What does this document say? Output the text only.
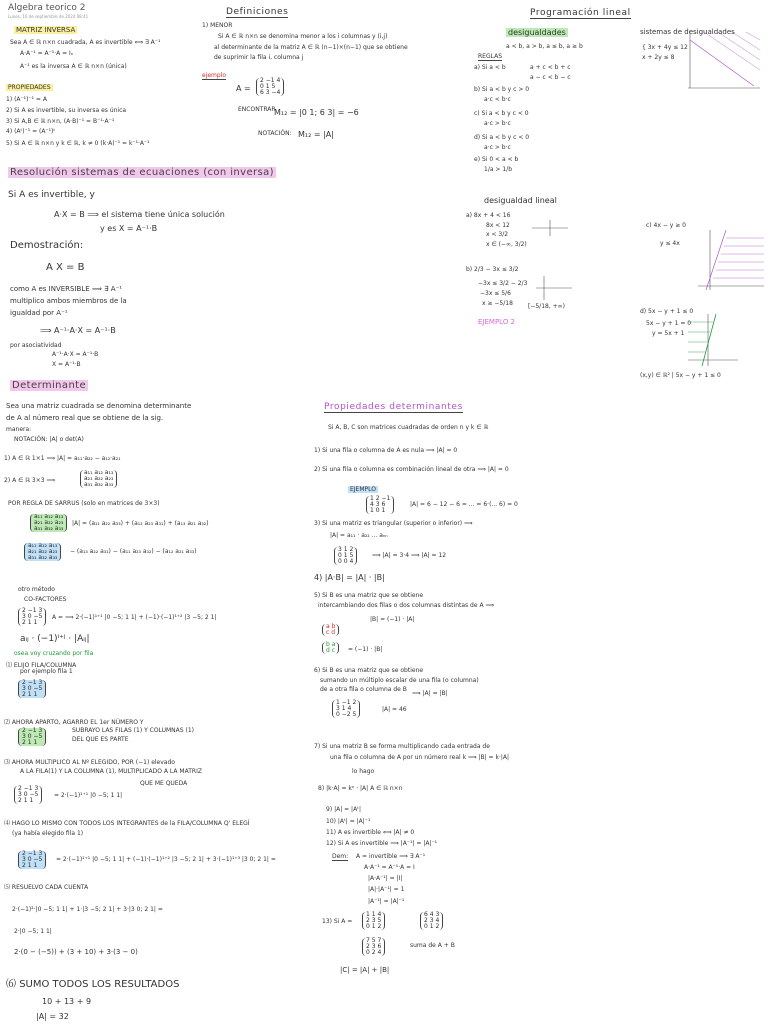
Algebra teorico 2
Lunes, 10 de septiembre de 2024 08:41
MATRIZ INVERSA
Sea A ∈ ℝ n×n cuadrada, A es invertible ⟺ ∃ A⁻¹
A·A⁻¹ = A⁻¹·A = Iₙ
A⁻¹ es la inversa A ∈ ℝ n×n (única)
PROPIEDADES
1) (A⁻¹)⁻¹ = A
2) Si A es invertible, su inversa es única
3) Si A,B ∈ ℝ n×n, (A·B)⁻¹ = B⁻¹·A⁻¹
4) (Aᵗ)⁻¹ = (A⁻¹)ᵗ
5) Si A ∈ ℝ n×n y k ∈ ℝ, k ≠ 0 (k·A)⁻¹ = k⁻¹·A⁻¹
Resolución sistemas de ecuaciones (con inversa)
Si A es invertible, y
A·X = B ⟹ el sistema tiene única solución
y es X = A⁻¹·B
Demostración:
A X = B
como A es INVERSIBLE ⟹ ∃ A⁻¹
multiplico ambos miembros de la
igualdad por A⁻¹
⟹ A⁻¹·A·X = A⁻¹·B
por asociatividad
A⁻¹·A·X = A⁻¹·B
X = A⁻¹·B
Determinante
Sea una matriz cuadrada se denomina determinante
de A al número real que se obtiene de la sig.
manera:
NOTACIÓN: |A| o det(A)
1) A ∈ ℝ 1×1 ⟹ |A| = a₁₁·a₂₂ − a₁₂·a₂₁
2) A ∈ ℝ 3×3 ⟹
a₁₁ a₁₂ a₁₃
a₂₁ a₂₂ a₂₃
a₃₁ a₃₂ a₃₃
POR REGLA DE SARRUS (solo en matrices de 3×3)
a₁₁ a₁₂ a₁₃
a₂₁ a₂₂ a₂₃
a₃₁ a₃₂ a₃₃
|A| = (a₁₁ a₂₂ a₃₃) + (a₁₂ a₂₃ a₃₁) + (a₁₃ a₂₁ a₃₂)
a₁₁ a₁₂ a₁₃
a₂₁ a₂₂ a₂₃
a₃₁ a₃₂ a₃₃
− (a₁₃ a₂₂ a₃₁) − (a₁₁ a₂₃ a₃₂) − (a₁₂ a₂₁ a₃₃)
otro método
CO-FACTORES
2 −1 3
3 0 −5
2 1 1
A = ⟹ 2·(−1)¹⁺¹ |0 −5; 1 1| + (−1)·(−1)¹⁺² |3 −5; 2 1|
aᵢⱼ · (−1)ⁱ⁺ʲ · |Aᵢⱼ|
osea voy cruzando por fila
⑴ ELIJO FILA/COLUMNA
por ejemplo fila 1
2 −1 3
3 0 −5
2 1 1
⑵ AHORA APARTO, AGARRO EL 1er NÚMERO Y
SUBRAYO LAS FILAS (1) Y COLUMNAS (1)
DEL QUE ES PARTE
2 −1 3
3 0 −5
2 1 1
⑶ AHORA MULTIPLICO AL Nº ELEGIDO, POR (−1) elevado
A LA FILA(1) Y LA COLUMNA (1), MULTIPLICADO A LA MATRIZ
QUE ME QUEDA
2 −1 3
3 0 −5
2 1 1
= 2·(−1)¹⁺¹ |0 −5; 1 1|
⑷ HAGO LO MISMO CON TODOS LOS INTEGRANTES de la FILA/COLUMNA Q' ELEGÍ
(ya había elegido fila 1)
2 −1 3
3 0 −5
2 1 1
= 2·(−1)¹⁺¹ |0 −5; 1 1| + (−1)·(−1)¹⁺² |3 −5; 2 1| + 3·(−1)¹⁺³ |3 0; 2 1| =
⑸ RESUELVO CADA CUENTA
2·(−1)²·|0 −5; 1 1| + 1·|3 −5; 2 1| + 3·|3 0; 2 1| =
2·|0 −5; 1 1|
2·(0 − (−5)) + (3 + 10) + 3·(3 − 0)
⑹ SUMO TODOS LOS RESULTADOS
10 + 13 + 9
|A| = 32
Definiciones
1) MENOR
Si A ∈ ℝ n×n se denomina menor a los i columnas y (i,j)
al determinante de la matriz A ∈ ℝ (n−1)×(n−1) que se obtiene
de suprimir la fila i, columna j
ejemplo
A =
2 −1 4
0 1 5
6 3 −4
ENCONTRAR
M₁₂ = |0 1; 6 3| = −6
NOTACIÓN: M₁₂ = |A|
Propiedades determinantes
Si A, B, C son matrices cuadradas de orden n y k ∈ ℝ
1) Si una fila o columna de A es nula ⟹ |A| = 0
2) Si una fila o columna es combinación lineal de otra ⟹ |A| = 0
EJEMPLO
1 2 −1
4 3 6
1 0 1
|A| = 6 − 12 − 6 = ... = 6·(... 6) = 0
3) Si una matriz es triangular (superior o inferior) ⟹
|A| = a₁₁ · a₂₂ ... aₙₙ
3 1 2
0 1 5
0 0 4
⟹ |A| = 3·4 ⟹ |A| = 12
4) |A·B| = |A| · |B|
5) Si B es una matriz que se obtiene
intercambiando dos filas o dos columnas distintas de A ⟹
|B| = (−1) · |A|
a b
c d
b a
d c	= (−1) · |B|
6) Si B es una matriz que se obtiene
sumando un múltiplo escalar de una fila (o columna)
de a otra fila o columna de B
⟹ |A| = |B|
1 −1 2
3 1 4
0 −2 5
|A| = 46
7) Si una matriz B se forma multiplicando cada entrada de
una fila o columna de A por un número real k ⟹ |B| = k·|A|
lo hago
8) |k·A| = kⁿ · |A| A ∈ ℝ n×n
9) |A| = |Aᵗ|
10) |Aᵗ| = |A|⁻¹
11) A es invertible ⟺ |A| ≠ 0
12) Si A es invertible ⟹ |A⁻¹| = |A|⁻¹
Dem: A = invertible ⟹ ∃ A⁻¹
A·A⁻¹ = A⁻¹·A = I
|A·A⁻¹| = |I|
|A|·|A⁻¹| = 1
|A⁻¹| = |A|⁻¹
13) Si A =
1 1 4
2 3 5
0 1 2
6 4 3
2 3 4
0 1 2
7 5 7
2 3 6
0 2 4
suma de A + B
|C| = |A| + |B|
Programación lineal
desigualdades
a < b, a > b, a ≤ b, a ≥ b
REGLAS
a) Si a < b	a + c < b + c
a − c < b − c
b) Si a < b y c > 0
a·c < b·c
c) Si a < b y c < 0
a·c > b·c
d) Si a < b y c < 0
a·c > b·c
e) Si 0 < a < b
1/a > 1/b
sistemas de desigualdades
{ 3x + 4y ≤ 12
x + 2y ≤ 8
desigualdad lineal
a) 8x + 4 < 16
8x < 12
x < 3/2
x ∈ (−∞, 3/2)
b) 2/3 − 3x ≤ 3/2
−3x ≤ 3/2 − 2/3
−3x ≤ 5/6
x ≥ −5/18	[−5/18, +∞)
EJEMPLO 2
c) 4x − y ≥ 0
y ≤ 4x
d) 5x − y + 1 ≤ 0
5x − y + 1 = 0
y = 5x + 1
(x,y) ∈ ℝ² | 5x − y + 1 ≤ 0
